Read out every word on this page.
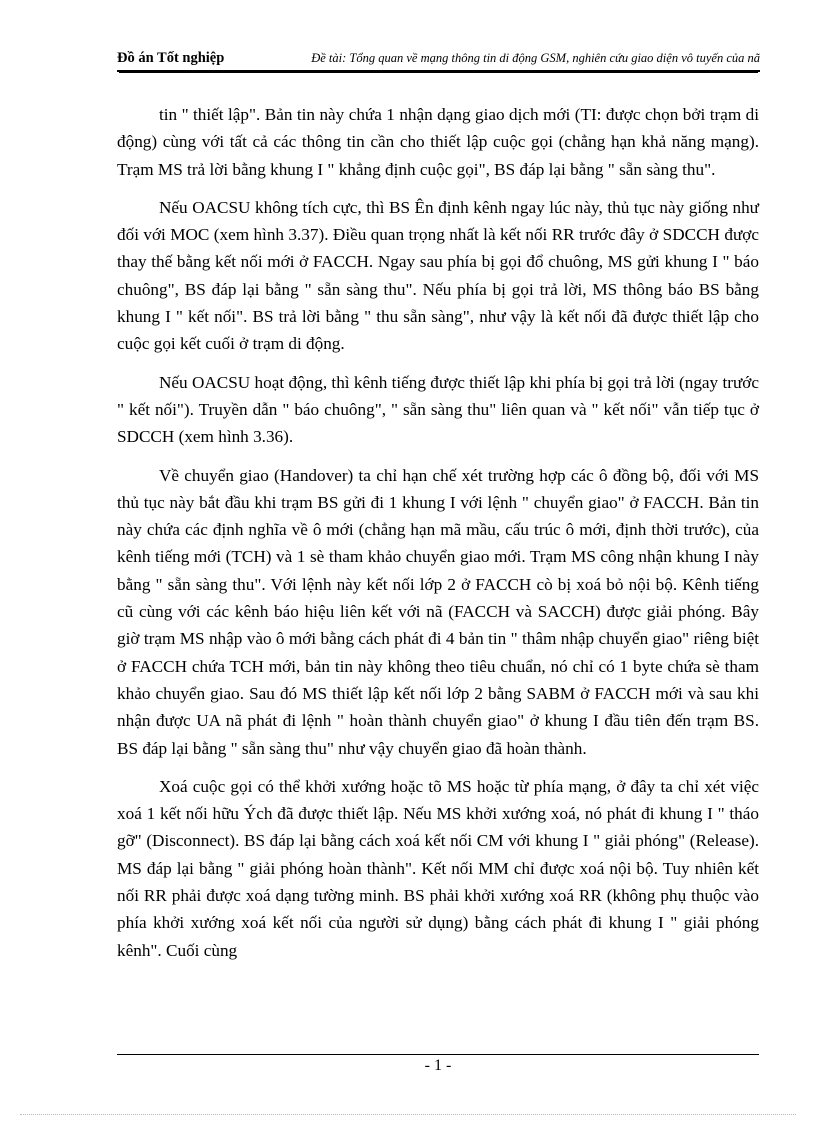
Đồ án Tốt nghiệp	Đề tài: Tổng quan về mạng thông tin di động GSM, nghiên cứu giao diện vô tuyến của nã

tin " thiết lập". Bản tin này chứa 1 nhận dạng giao dịch mới (TI: được chọn bởi trạm di động) cùng với tất cả các thông tin cần cho thiết lập cuộc gọi (chẳng hạn khả năng mạng). Trạm MS trả lời bằng khung I " khẳng định cuộc gọi", BS đáp lại bằng " sẵn sàng thu".

Nếu OACSU không tích cực, thì BS Ên định kênh ngay lúc này, thủ tục này giống như đối với MOC (xem hình 3.37). Điều quan trọng nhất là kết nối RR trước đây ở SDCCH được thay thế bằng kết nối mới ở FACCH. Ngay sau phía bị gọi đổ chuông, MS gửi khung I " báo chuông", BS đáp lại bằng " sẵn sàng thu". Nếu phía bị gọi trả lời, MS thông báo BS bằng khung I " kết nối". BS trả lời bằng " thu sẵn sàng", như vậy là kết nối đã được thiết lập cho cuộc gọi kết cuối ở trạm di động.

Nếu OACSU hoạt động, thì kênh tiếng được thiết lập khi phía bị gọi trả lời (ngay trước " kết nối"). Truyền dẫn " báo chuông", " sẵn sàng thu" liên quan và " kết nối" vẫn tiếp tục ở SDCCH (xem hình 3.36).

Về chuyển giao (Handover) ta chỉ hạn chế xét trường hợp các ô đồng bộ, đối với MS thủ tục này bắt đầu khi trạm BS gửi đi 1 khung I với lệnh " chuyển giao" ở FACCH. Bản tin này chứa các định nghĩa về ô mới (chẳng hạn mã mầu, cấu trúc ô mới, định thời trước), của kênh tiếng mới (TCH) và 1 sè tham khảo chuyển giao mới. Trạm MS công nhận khung I này bằng " sẵn sàng thu". Với lệnh này kết nối lớp 2 ở FACCH cò bị xoá bỏ nội bộ. Kênh tiếng cũ cùng với các kênh báo hiệu liên kết với nã (FACCH và SACCH) được giải phóng. Bây giờ trạm MS nhập vào ô mới bằng cách phát đi 4 bản tin " thâm nhập chuyển giao" riêng biệt ở FACCH chứa TCH mới, bản tin này không theo tiêu chuẩn, nó chỉ có 1 byte chứa sè tham khảo chuyển giao. Sau đó MS thiết lập kết nối lớp 2 bằng SABM ở FACCH mới và sau khi nhận được UA nã phát đi lệnh " hoàn thành chuyển giao" ở khung I đầu tiên đến trạm BS. BS đáp lại bằng " sẵn sàng thu" như vậy chuyển giao đã hoàn thành.

Xoá cuộc gọi có thể khởi xướng hoặc tõ MS hoặc từ phía mạng, ở đây ta chỉ xét việc xoá 1 kết nối hữu Ých đã được thiết lập. Nếu MS khởi xướng xoá, nó phát đi khung I " tháo gỡ" (Disconnect). BS đáp lại bằng cách xoá kết nối CM với khung I " giải phóng" (Release). MS đáp lại bằng " giải phóng hoàn thành". Kết nối MM chỉ được xoá nội bộ. Tuy nhiên kết nối RR phải được xoá dạng tường minh. BS phải khởi xướng xoá RR (không phụ thuộc vào phía khởi xướng xoá kết nối của người sử dụng) bằng cách phát đi khung I " giải phóng kênh". Cuối cùng

- 1 -
